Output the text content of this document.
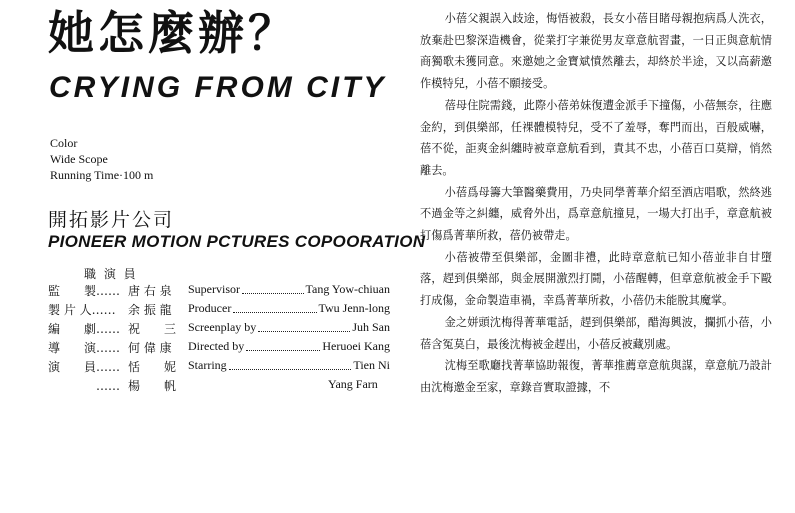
她怎麼辦？
CRYING FROM CITY
Color
Wide Scope
Running Time·100 m
開拓影片公司
PIONEER MOTION PCTURES COPOORATION
職 演 員
監　　製…… 唐 右 泉 Supervisor	Tang Yow-chiuan
製 片 人…… 余 振 龍 Producer	Twu Jenn-long
編　　劇…… 祝　　三 Screenplay by	Juh San
導　　演…… 何 偉 康 Directed by	Heruoei Kang
演　　員…… 恬　　妮 Starring	Tien Ni
　　　　…… 楊　　帆	Yang Farn

小蓓父親誤入歧途，悔悟被殺，長女小蓓目睹母親抱病爲人洗衣，放棄赴巴黎深造機會，從業打字兼從男友章意航習畫，一日正與意航情商獨歌未獲同意。來邀她之金寶斌憤然離去，却終於半途，又以高薪邀作模特兒，小蓓不願接受。

蓓母住院需錢，此際小蓓弟妹復遭金派手下撞傷，小蓓無奈，往應金約，到俱樂部，任裸體模特兒，受不了羞辱，奪門而出，百般威嚇，蓓不從，詎爽金糾纏時被章意航看到，責其不忠，小蓓百口莫辯，悄然離去。

小蓓爲母籌大筆醫藥費用，乃央同學菁華介紹至酒店唱歌，然終逃不過金等之糾纏，威脅外出，爲章意航撞見，一場大打出手，章意航被打傷爲菁華所救，蓓仍被帶走。

小蓓被帶至俱樂部，金圖非禮，此時章意航已知小蓓並非自甘墮落，趕到俱樂部，與金展開激烈打鬪，小蓓醒轉，但章意航被金手下毆打成傷，金命製造車禍，幸爲菁華所救，小蓓仍未能脫其魔掌。

金之姘頭沈梅得菁華電話，趕到俱樂部，醋海興波，攔抓小蓓，小蓓含冤莫白，最後沈梅被金趕出，小蓓反被藏別處。

沈梅至歌廳找菁華協助報復，菁華推薦章意航與謀，章意航乃設計由沈梅邀金至家，章錄音實取證據，不
